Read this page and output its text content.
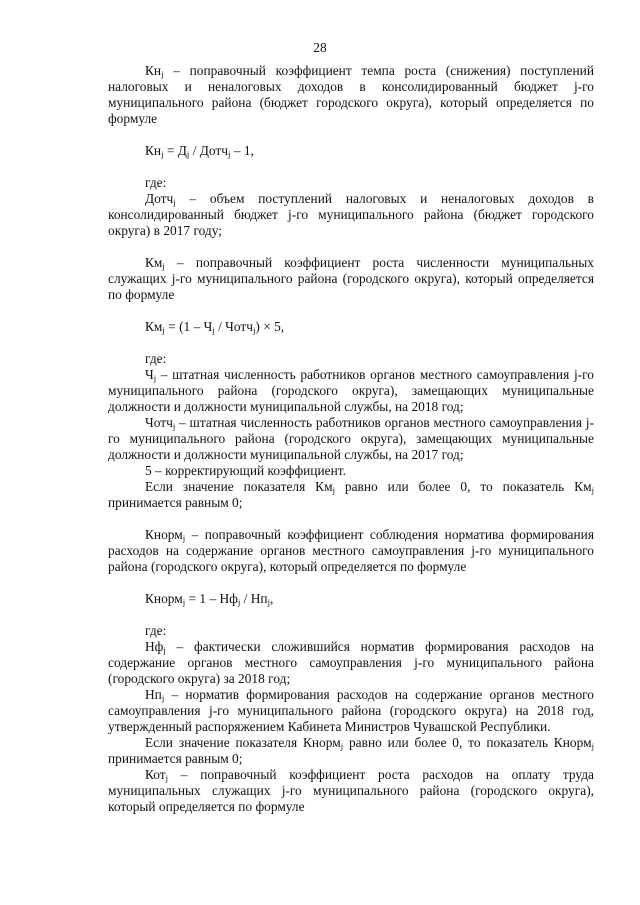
28

$Кн_j$ – поправочный коэффициент темпа роста (снижения) поступлений налоговых и неналоговых доходов в консолидированный бюджет j-го муниципального района (бюджет городского округа), который определяется по формуле

$Кн_j = Д_j$ / Дотч$_j$ – 1,

где:

Дотч$_j$ – объем поступлений налоговых и неналоговых доходов в консолидированный бюджет j-го муниципального района (бюджет городского округа) в 2017 году;

$Км_j$ – поправочный коэффициент роста численности муниципальных служащих j-го муниципального района (городского округа), который определяется по формуле

$Км_j = (1 - Ч_j$ / Чотч$_j$) × 5,

где:

$Ч_j$ – штатная численность работников органов местного самоуправления j-го муниципального района (городского округа), замещающих муниципальные должности и должности муниципальной службы, на 2018 год;

Чотч$_j$ – штатная численность работников органов местного самоуправления j-го муниципального района (городского округа), замещающих муниципальные должности и должности муниципальной службы, на 2017 год;

5 – корректирующий коэффициент.

Если значение показателя $Км_j$ равно или более 0, то показатель $Км_j$ принимается равным 0;

Кнорм$_j$ – поправочный коэффициент соблюдения норматива формирования расходов на содержание органов местного самоуправления j-го муниципального района (городского округа), который определяется по формуле

Кнорм$_j$ = $1 - Нф_j / Нп_j$,

где:

$Нф_j$ – фактически сложившийся норматив формирования расходов на содержание органов местного самоуправления j-го муниципального района (городского округа) за 2018 год;

$Нп_j$ – норматив формирования расходов на содержание органов местного самоуправления j-го муниципального района (городского округа) на 2018 год, утвержденный распоряжением Кабинета Министров Чувашской Республики.

Если значение показателя Кнорм$_j$ равно или более 0, то показатель Кнорм$_j$ принимается равным 0;

Кот$_j$ – поправочный коэффициент роста расходов на оплату труда муниципальных служащих j-го муниципального района (городского округа), который определяется по формуле
